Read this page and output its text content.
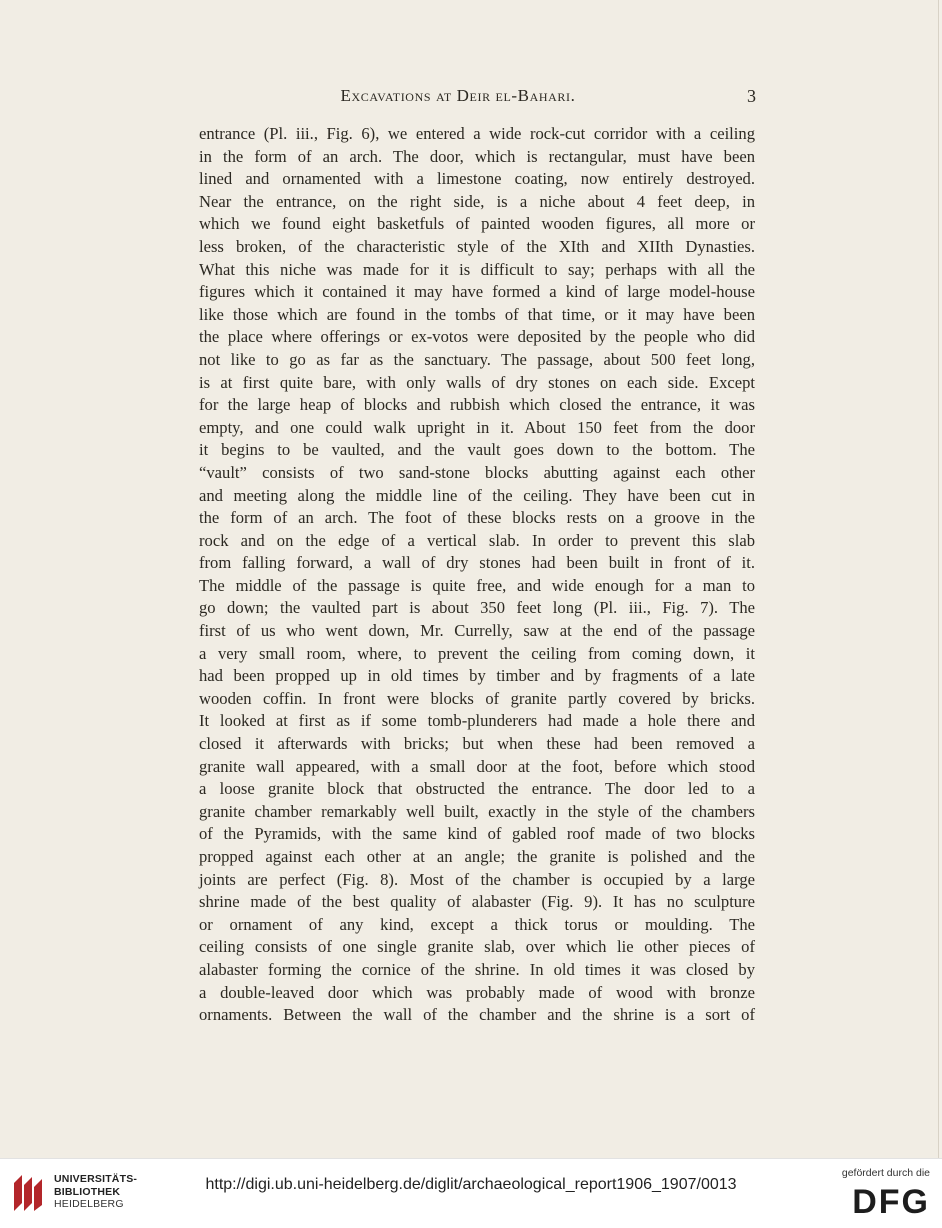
Excavations at Deir el-Bahari.	3
entrance (Pl. iii., Fig. 6), we entered a wide rock-cut corridor with a ceiling
in the form of an arch. The door, which is rectangular, must have been
lined and ornamented with a limestone coating, now entirely destroyed.
Near the entrance, on the right side, is a niche about 4 feet deep, in
which we found eight basketfuls of painted wooden figures, all more or
less broken, of the characteristic style of the XIth and XIIth Dynasties.
What this niche was made for it is difficult to say; perhaps with all the
figures which it contained it may have formed a kind of large model-house
like those which are found in the tombs of that time, or it may have been
the place where offerings or ex-votos were deposited by the people who did
not like to go as far as the sanctuary. The passage, about 500 feet long,
is at first quite bare, with only walls of dry stones on each side. Except
for the large heap of blocks and rubbish which closed the entrance, it was
empty, and one could walk upright in it. About 150 feet from the door
it begins to be vaulted, and the vault goes down to the bottom. The
“vault” consists of two sand-stone blocks abutting against each other
and meeting along the middle line of the ceiling. They have been cut in
the form of an arch. The foot of these blocks rests on a groove in the
rock and on the edge of a vertical slab. In order to prevent this slab
from falling forward, a wall of dry stones had been built in front of it.
The middle of the passage is quite free, and wide enough for a man to
go down; the vaulted part is about 350 feet long (Pl. iii., Fig. 7). The
first of us who went down, Mr. Currelly, saw at the end of the passage
a very small room, where, to prevent the ceiling from coming down, it
had been propped up in old times by timber and by fragments of a late
wooden coffin. In front were blocks of granite partly covered by bricks.
It looked at first as if some tomb-plunderers had made a hole there and
closed it afterwards with bricks; but when these had been removed a
granite wall appeared, with a small door at the foot, before which stood
a loose granite block that obstructed the entrance. The door led to a
granite chamber remarkably well built, exactly in the style of the chambers
of the Pyramids, with the same kind of gabled roof made of two blocks
propped against each other at an angle; the granite is polished and the
joints are perfect (Fig. 8). Most of the chamber is occupied by a large
shrine made of the best quality of alabaster (Fig. 9). It has no sculpture
or ornament of any kind, except a thick torus or moulding. The
ceiling consists of one single granite slab, over which lie other pieces of
alabaster forming the cornice of the shrine. In old times it was closed by
a double-leaved door which was probably made of wood with bronze
ornaments. Between the wall of the chamber and the shrine is a sort of
UNIVERSITÄTS-
BIBLIOTHEK
HEIDELBERG
http://digi.ub.uni-heidelberg.de/diglit/archaeological_report1906_1907/0013
gefördert durch die
DFG
